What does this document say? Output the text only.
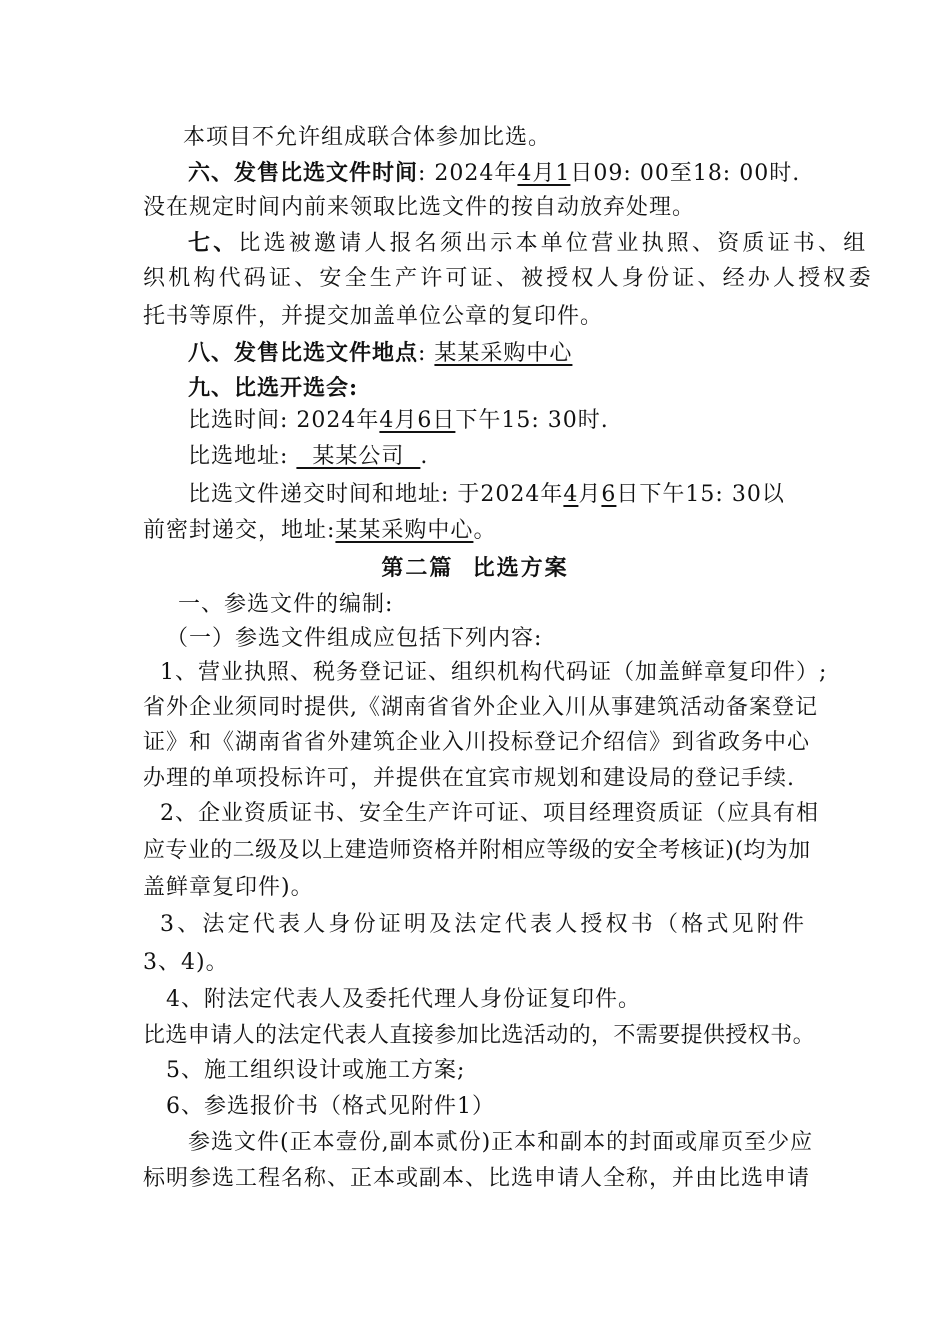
本项目不允许组成联合体参加比选。
六、发售比选文件时间: 2024年4月1日09: 00至18: 00时.
没在规定时间内前来领取比选文件的按自动放弃处理。
七、比选被邀请人报名须出示本单位营业执照、资质证书、组
织机构代码证、安全生产许可证、被授权人身份证、经办人授权委
托书等原件，并提交加盖单位公章的复印件。
八、发售比选文件地点: 某某采购中心
九、比选开选会:
比选时间: 2024年4月6日下午15: 30时.
比选地址:   某某公司  .
比选文件递交时间和地址: 于2024年4月6日下午15: 30以
前密封递交，地址:某某采购中心。
第二篇  比选方案
一、参选文件的编制:
（一）参选文件组成应包括下列内容:
1、营业执照、税务登记证、组织机构代码证（加盖鲜章复印件）;
省外企业须同时提供,《湖南省省外企业入川从事建筑活动备案登记
证》和《湖南省省外建筑企业入川投标登记介绍信》到省政务中心
办理的单项投标许可，并提供在宜宾市规划和建设局的登记手续.
2、企业资质证书、安全生产许可证、项目经理资质证（应具有相
应专业的二级及以上建造师资格并附相应等级的安全考核证)(均为加
盖鲜章复印件)。
3、法定代表人身份证明及法定代表人授权书（格式见附件
3、4)。
4、附法定代表人及委托代理人身份证复印件。
比选申请人的法定代表人直接参加比选活动的，不需要提供授权书。
5、施工组织设计或施工方案;
6、参选报价书（格式见附件1）
参选文件(正本壹份,副本贰份)正本和副本的封面或扉页至少应
标明参选工程名称、正本或副本、比选申请人全称，并由比选申请
